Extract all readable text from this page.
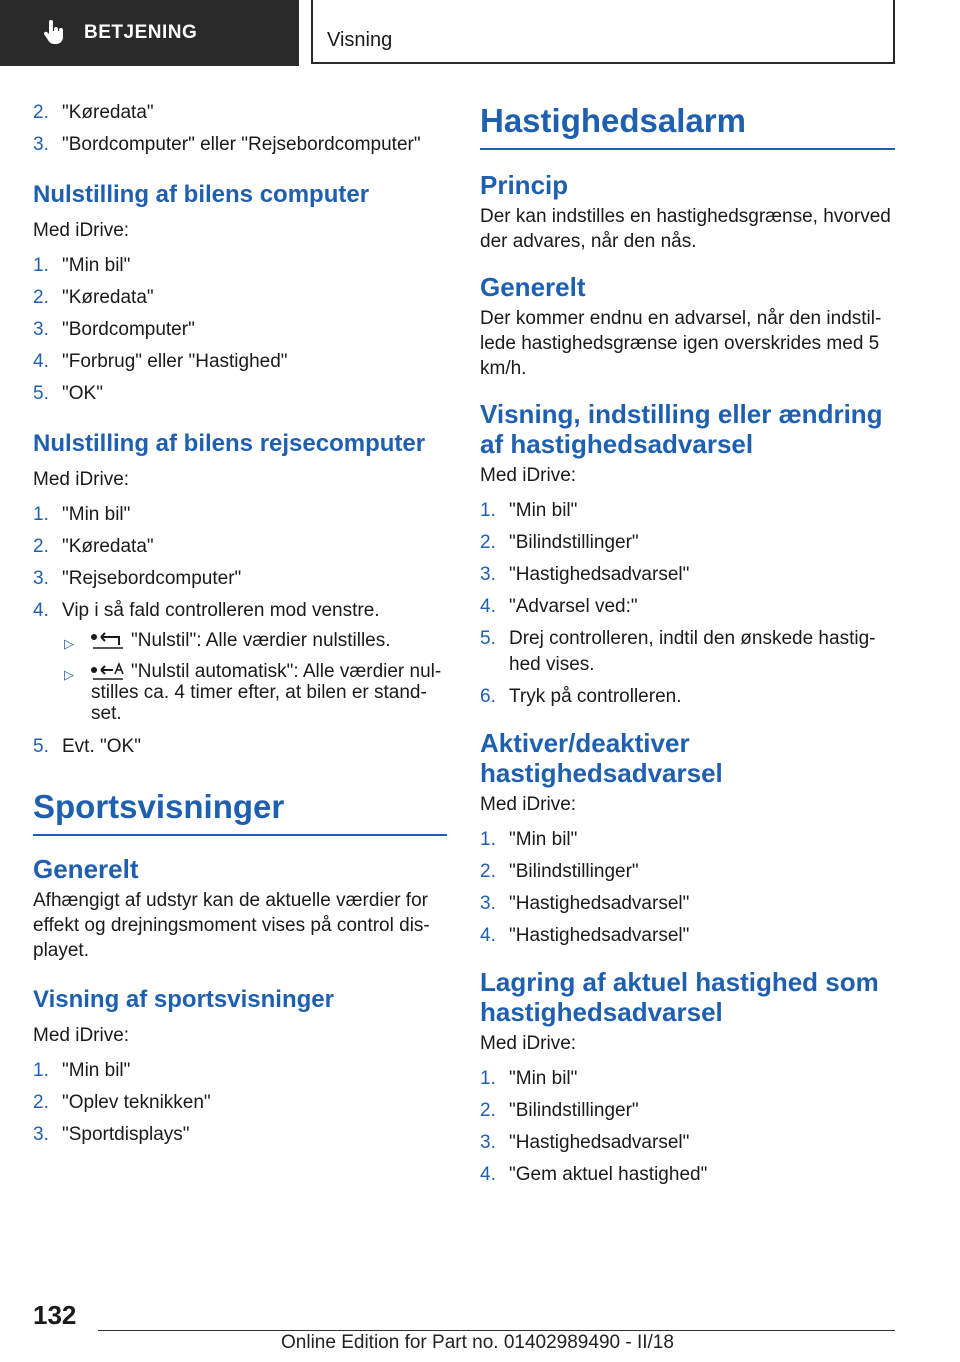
BETJENING	Visning
2. "Køredata"
3. "Bordcomputer" eller "Rejsebordcomputer"
Nulstilling af bilens computer
Med iDrive:
1. "Min bil"
2. "Køredata"
3. "Bordcomputer"
4. "Forbrug" eller "Hastighed"
5. "OK"
Nulstilling af bilens rejsecomputer
Med iDrive:
1. "Min bil"
2. "Køredata"
3. "Rejsebordcomputer"
4. Vip i så fald controlleren mod venstre.
▷	"Nulstil": Alle værdier nulstilles.
▷	"Nulstil automatisk": Alle værdier nulstilles ca. 4 timer efter, at bilen er standset.
5. Evt. "OK"
Sportsvisninger
Generelt
Afhængigt af udstyr kan de aktuelle værdier for effekt og drejningsmoment vises på control displayet.
Visning af sportsvisninger
Med iDrive:
1. "Min bil"
2. "Oplev teknikken"
3. "Sportdisplays"
Hastighedsalarm
Princip
Der kan indstilles en hastighedsgrænse, hvorved der advares, når den nås.
Generelt
Der kommer endnu en advarsel, når den indstillede hastighedsgrænse igen overskrides med 5 km/h.
Visning, indstilling eller ændring af hastighedsadvarsel
Med iDrive:
1. "Min bil"
2. "Bilindstillinger"
3. "Hastighedsadvarsel"
4. "Advarsel ved:"
5. Drej controlleren, indtil den ønskede hastighed vises.
6. Tryk på controlleren.
Aktiver/deaktiver hastighedsadvarsel
Med iDrive:
1. "Min bil"
2. "Bilindstillinger"
3. "Hastighedsadvarsel"
4. "Hastighedsadvarsel"
Lagring af aktuel hastighed som hastighedsadvarsel
Med iDrive:
1. "Min bil"
2. "Bilindstillinger"
3. "Hastighedsadvarsel"
4. "Gem aktuel hastighed"
132
Online Edition for Part no. 01402989490 - II/18
